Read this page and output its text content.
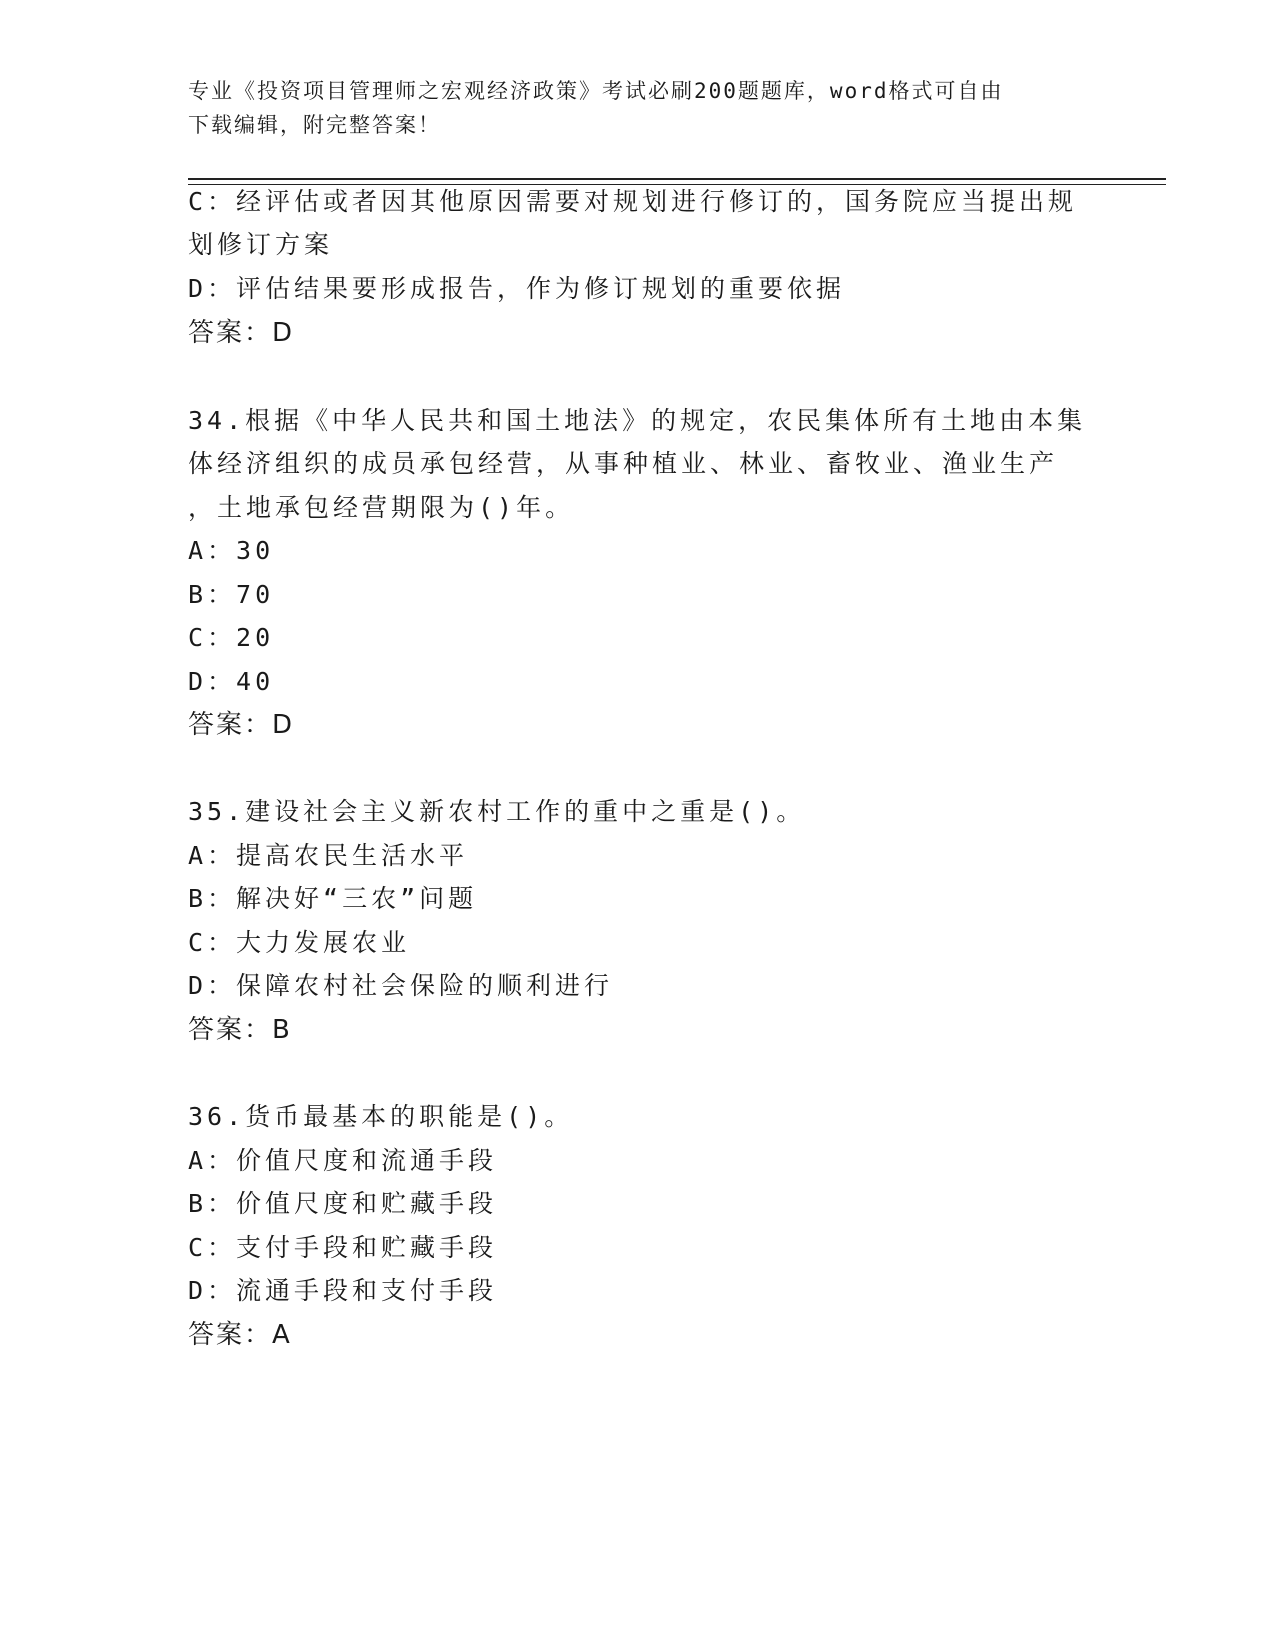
专业《投资项目管理师之宏观经济政策》考试必刷200题题库，word格式可自由
下载编辑，附完整答案！
C：经评估或者因其他原因需要对规划进行修订的，国务院应当提出规
划修订方案
D：评估结果要形成报告，作为修订规划的重要依据
答案：D
34.根据《中华人民共和国土地法》的规定，农民集体所有土地由本集
体经济组织的成员承包经营，从事种植业、林业、畜牧业、渔业生产
，土地承包经营期限为()年。
A：30
B：70
C：20
D：40
答案：D
35.建设社会主义新农村工作的重中之重是()。
A：提高农民生活水平
B：解决好“三农”问题
C：大力发展农业
D：保障农村社会保险的顺利进行
答案：B
36.货币最基本的职能是()。
A：价值尺度和流通手段
B：价值尺度和贮藏手段
C：支付手段和贮藏手段
D：流通手段和支付手段
答案：A
